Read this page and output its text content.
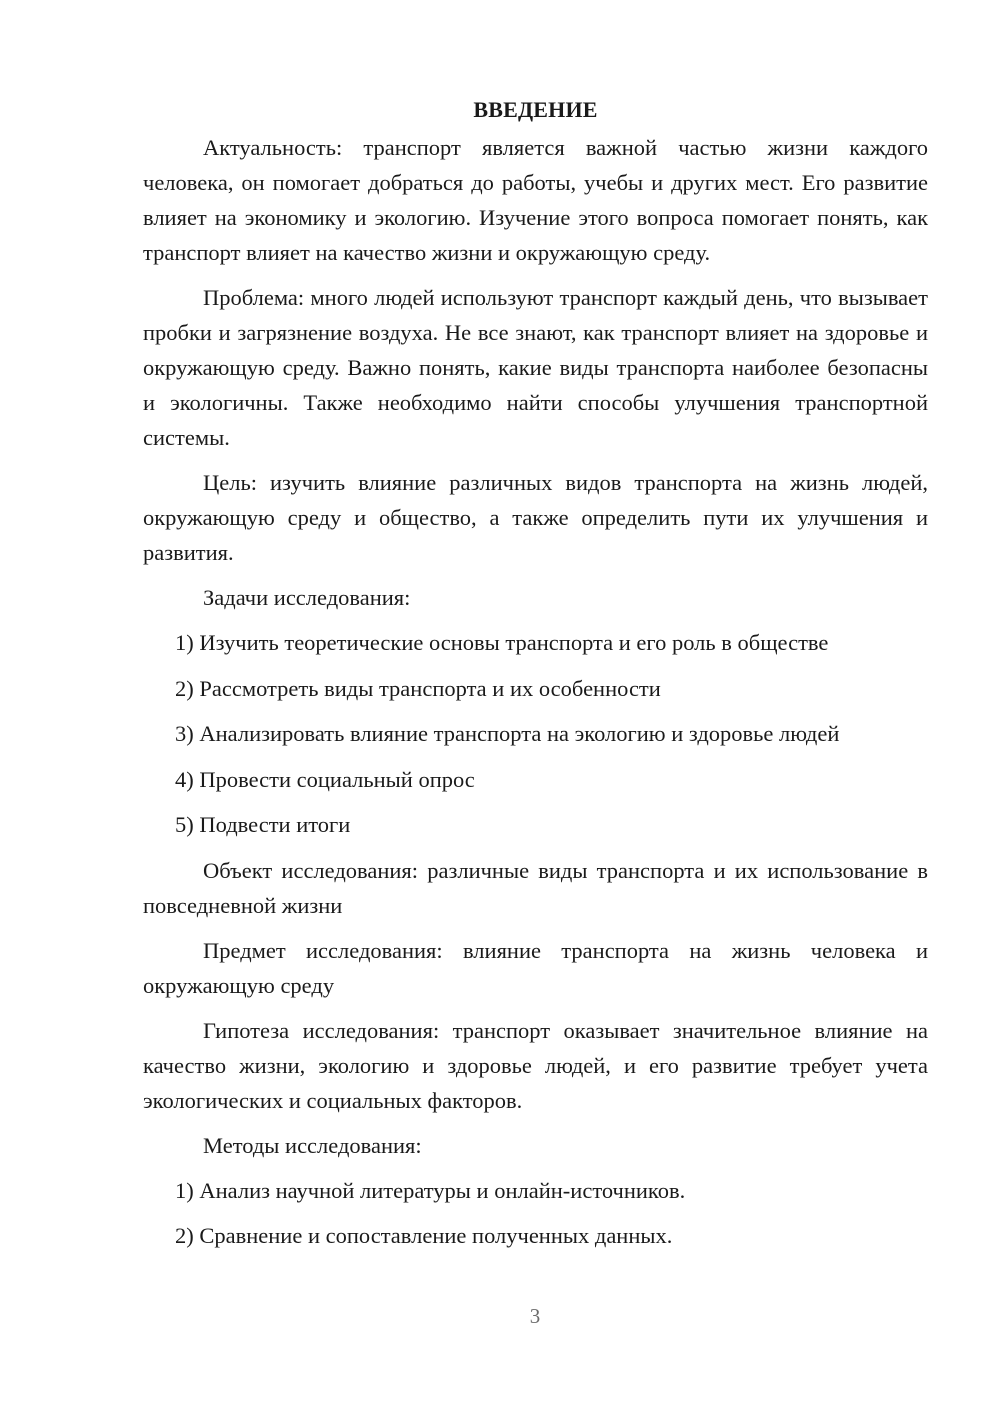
ВВЕДЕНИЕ

Актуальность: транспорт является важной частью жизни каждого человека, он помогает добраться до работы, учебы и других мест. Его развитие влияет на экономику и экологию. Изучение этого вопроса помогает понять, как транспорт влияет на качество жизни и окружающую среду.

Проблема: много людей используют транспорт каждый день, что вызывает пробки и загрязнение воздуха. Не все знают, как транспорт влияет на здоровье и окружающую среду. Важно понять, какие виды транспорта наиболее безопасны и экологичны. Также необходимо найти способы улучшения транспортной системы.

Цель: изучить влияние различных видов транспорта на жизнь людей, окружающую среду и общество, а также определить пути их улучшения и развития.

Задачи исследования:

1) Изучить теоретические основы транспорта и его роль в обществе
2) Рассмотреть виды транспорта и их особенности
3) Анализировать влияние транспорта на экологию и здоровье людей
4) Провести социальный опрос
5) Подвести итоги

Объект исследования: различные виды транспорта и их использование в повседневной жизни

Предмет исследования: влияние транспорта на жизнь человека и окружающую среду

Гипотеза исследования: транспорт оказывает значительное влияние на качество жизни, экологию и здоровье людей, и его развитие требует учета экологических и социальных факторов.

Методы исследования:

1) Анализ научной литературы и онлайн-источников.
2) Сравнение и сопоставление полученных данных.
3
